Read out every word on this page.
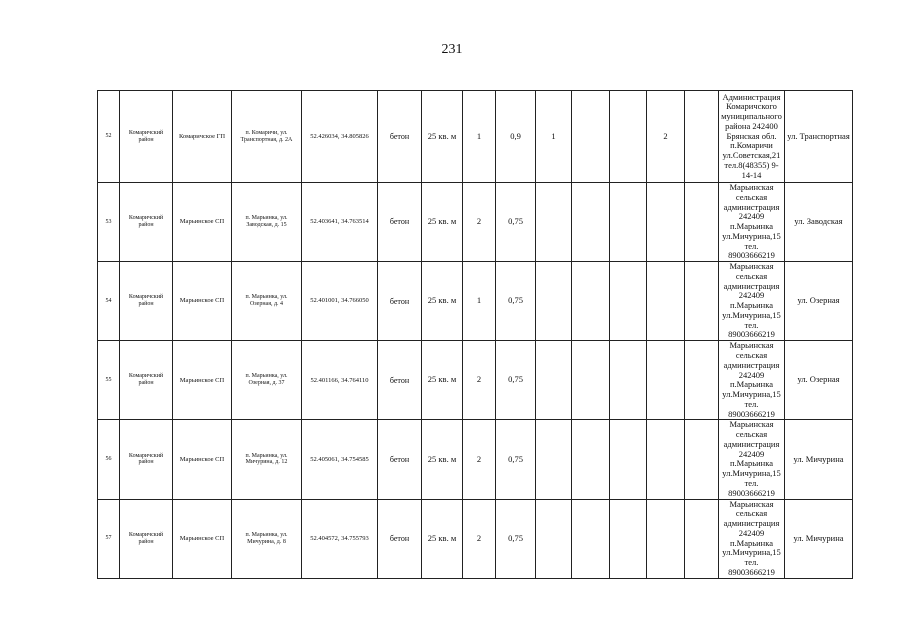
231
52	Комаричский район	Комаричское ГП	п. Комаричи, ул. Транспортная, д. 2А	52.426034, 34.805826	бетон	25 кв. м	1	0,9	1			2		Администрация Комаричского муниципального района 242400 Брянская обл. п.Комаричи ул.Советская,21 тел.8(48355) 9-14-14	ул. Транспортная
53	Комаричский район	Марьинское СП	п. Марьинка, ул. Заводская, д. 15	52.403641, 34.763514	бетон	25 кв. м	2	0,75						Марьинская сельская администрация 242409 п.Марьинка ул.Мичурина,15 тел. 89003666219	ул. Заводская
54	Комаричский район	Марьинское СП	п. Марьинка, ул. Озерная, д. 4	52.401001, 34.766050	бетон	25 кв. м	1	0,75						Марьинская сельская администрация 242409 п.Марьинка ул.Мичурина,15 тел. 89003666219	ул. Озерная
55	Комаричский район	Марьинское СП	п. Марьинка, ул. Озерная, д. 37	52.401166, 34.764110	бетон	25 кв. м	2	0,75						Марьинская сельская администрация 242409 п.Марьинка ул.Мичурина,15 тел. 89003666219	ул. Озерная
56	Комаричский район	Марьинское СП	п. Марьинка, ул. Мичурина, д. 12	52.405061, 34.754585	бетон	25 кв. м	2	0,75						Марьинская сельская администрация 242409 п.Марьинка ул.Мичурина,15 тел. 89003666219	ул. Мичурина
57	Комаричский район	Марьинское СП	п. Марьинка, ул. Мичурина, д. 8	52.404572, 34.755793	бетон	25 кв. м	2	0,75						Марьинская сельская администрация 242409 п.Марьинка ул.Мичурина,15 тел. 89003666219	ул. Мичурина
